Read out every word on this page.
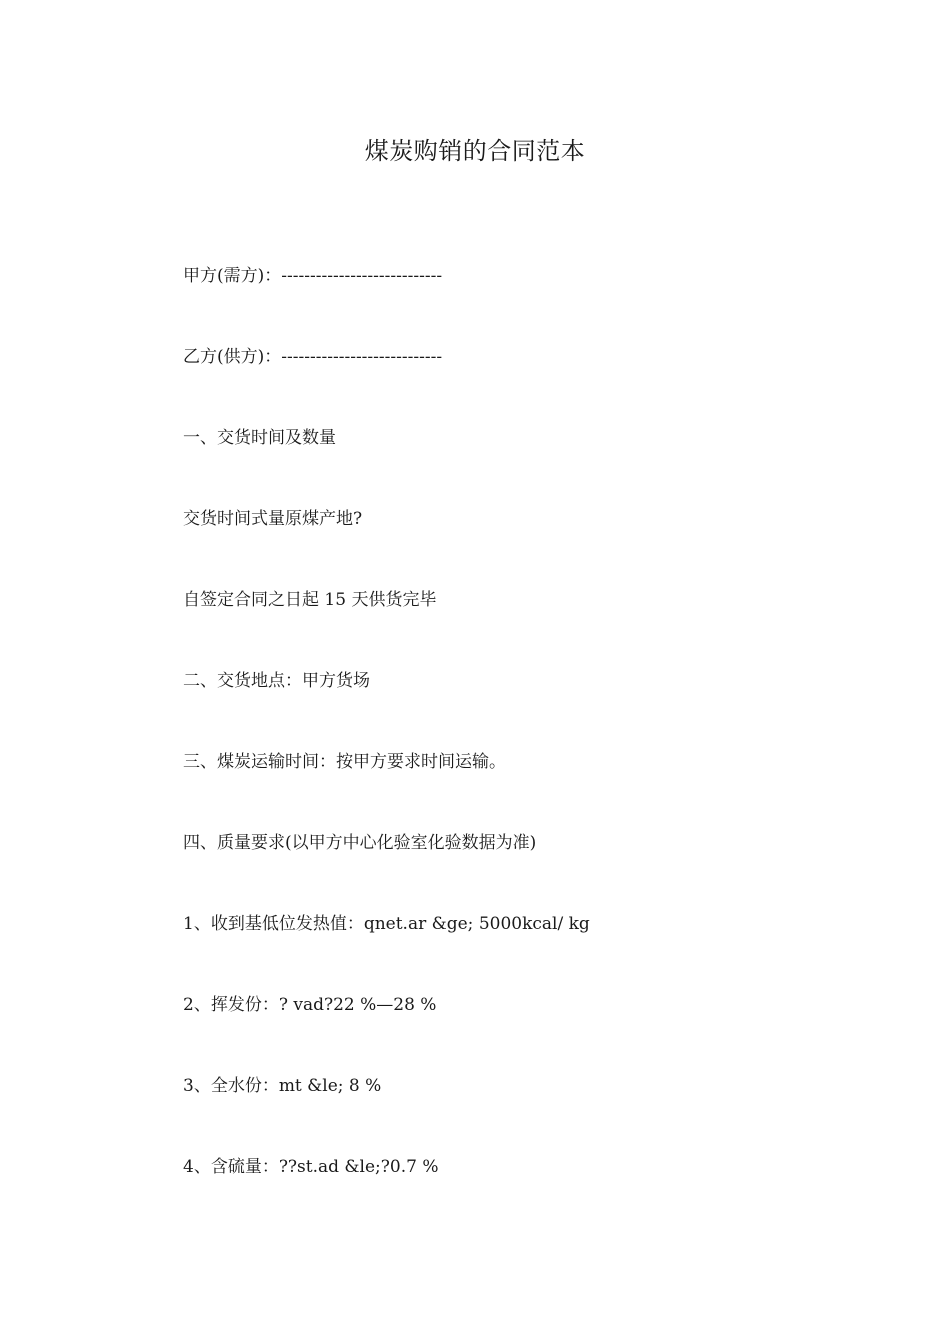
煤炭购销的合同范本
甲方(需方)：----------------------------
乙方(供方)：----------------------------
一、交货时间及数量
交货时间式量原煤产地?
自签定合同之日起 15 天供货完毕
二、交货地点：甲方货场
三、煤炭运输时间：按甲方要求时间运输。
四、质量要求(以甲方中心化验室化验数据为准)
1、收到基低位发热值：qnet.ar &ge; 5000kcal/ kg
2、挥发份：? vad?22 %—28 %
3、全水份：mt &le; 8 %
4、含硫量：??st.ad &le;?0.7 %
